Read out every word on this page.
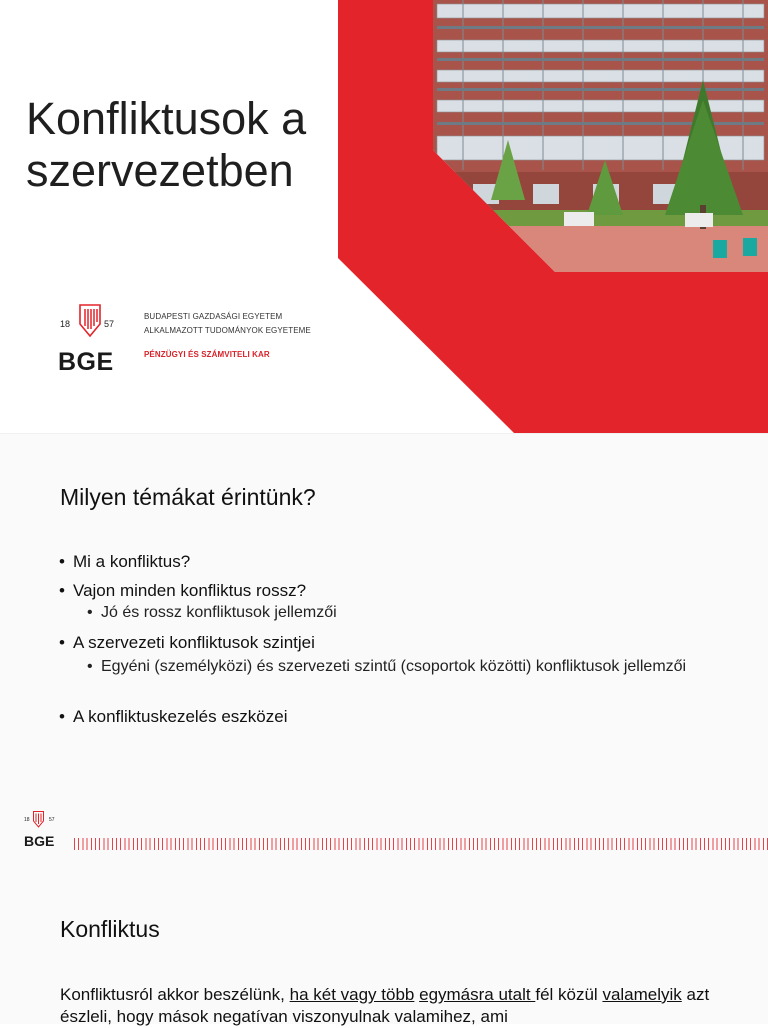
Konfliktusok a
szervezetben
18	57
BGE
BUDAPESTI GAZDASÁGI EGYETEM
ALKALMAZOTT TUDOMÁNYOK EGYETEME
PÉNZÜGYI ÉS SZÁMVITELI KAR
Milyen témákat érintünk?

• Mi a konfliktus?

• Vajon minden konfliktus rossz?

• Jó és rossz konfliktusok jellemzői

• A szervezeti konfliktusok szintjei

• Egyéni (személyközi) és szervezeti szintű (csoportok közötti) konfliktusok jellemzői

• A konfliktuskezelés eszközei

18	57
BGE
Konfliktus

Konfliktusról akkor beszélünk, ha két vagy több egymásra utalt fél közül valamelyik azt észleli, hogy mások negatívan viszonyulnak valamihez, ami
